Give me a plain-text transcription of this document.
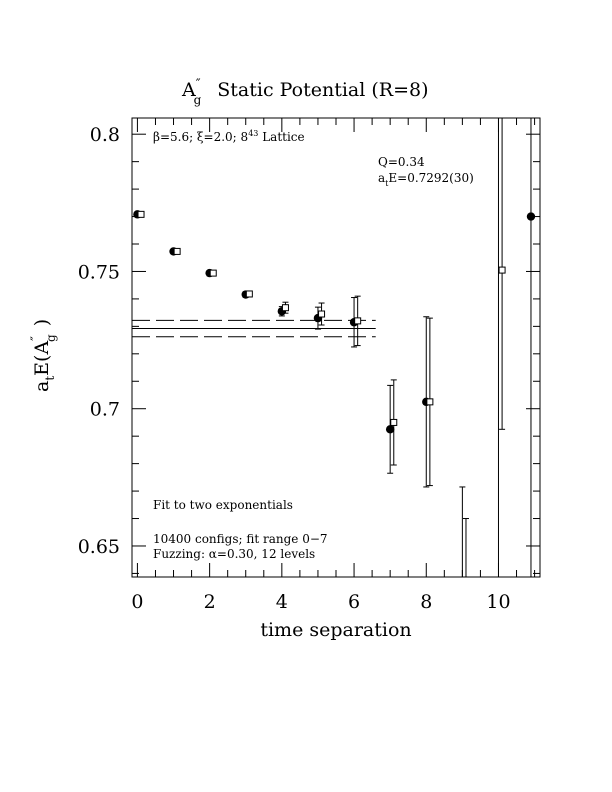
A″ g Static Potential (R=8)
$a_tE(A''g)$
time separation
0	2	4	6	8	10
0.65
0.7
0.75
0.8	β=5.6; ξ=2.0; $8^43$ Lattice
Q=0.34
$a_tE=0.7292(30)$
Fit to two exponentials
10400 configs; fit range 0−7
Fuzzing: α=0.30, 12 levels
